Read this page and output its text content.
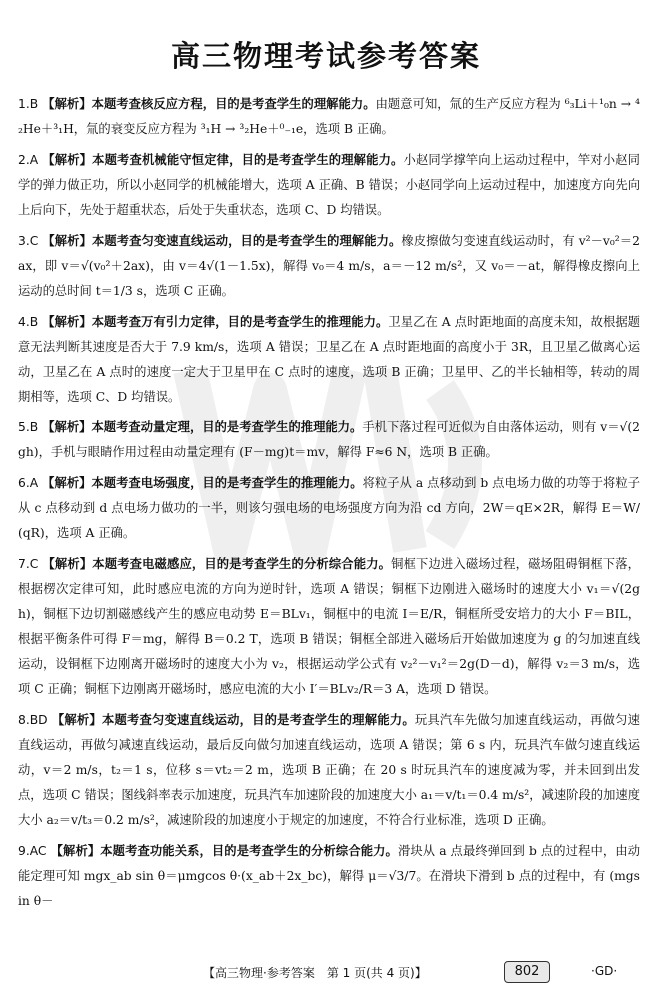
高三物理考试参考答案
1.B 【解析】本题考查核反应方程，目的是考查学生的理解能力。由题意可知，氚的生产反应方程为 ⁶₃Li＋¹₀n → ⁴₂He＋³₁H，氚的衰变反应方程为 ³₁H → ³₂He＋⁰₋₁e，选项 B 正确。
2.A 【解析】本题考查机械能守恒定律，目的是考查学生的理解能力。小赵同学撑竿向上运动过程中，竿对小赵同学的弹力做正功，所以小赵同学的机械能增大，选项 A 正确、B 错误；小赵同学向上运动过程中，加速度方向先向上后向下，先处于超重状态，后处于失重状态，选项 C、D 均错误。
3.C 【解析】本题考查匀变速直线运动，目的是考查学生的理解能力。橡皮擦做匀变速直线运动时，有 v²－v₀²＝2ax，即 v＝√(v₀²＋2ax)，由 v＝4√(1－1.5x)，解得 v₀＝4 m/s，a＝－12 m/s²，又 v₀＝－at，解得橡皮擦向上运动的总时间 t＝1/3 s，选项 C 正确。
4.B 【解析】本题考查万有引力定律，目的是考查学生的推理能力。卫星乙在 A 点时距地面的高度未知，故根据题意无法判断其速度是否大于 7.9 km/s，选项 A 错误；卫星乙在 A 点时距地面的高度小于 3R，且卫星乙做离心运动，卫星乙在 A 点时的速度一定大于卫星甲在 C 点时的速度，选项 B 正确；卫星甲、乙的半长轴相等，转动的周期相等，选项 C、D 均错误。
5.B 【解析】本题考查动量定理，目的是考查学生的推理能力。手机下落过程可近似为自由落体运动，则有 v＝√(2gh)，手机与眼睛作用过程由动量定理有 (F－mg)t＝mv，解得 F≈6 N，选项 B 正确。
6.A 【解析】本题考查电场强度，目的是考查学生的推理能力。将粒子从 a 点移动到 b 点电场力做的功等于将粒子从 c 点移动到 d 点电场力做功的一半，则该匀强电场的电场强度方向为沿 cd 方向，2W＝qE×2R，解得 E＝W/(qR)，选项 A 正确。
7.C 【解析】本题考查电磁感应，目的是考查学生的分析综合能力。铜框下边进入磁场过程，磁场阻碍铜框下落，根据楞次定律可知，此时感应电流的方向为逆时针，选项 A 错误；铜框下边刚进入磁场时的速度大小 v₁＝√(2gh)，铜框下边切割磁感线产生的感应电动势 E＝BLv₁，铜框中的电流 I＝E/R，铜框所受安培力的大小 F＝BIL，根据平衡条件可得 F＝mg，解得 B＝0.2 T，选项 B 错误；铜框全部进入磁场后开始做加速度为 g 的匀加速直线运动，设铜框下边刚离开磁场时的速度大小为 v₂，根据运动学公式有 v₂²－v₁²＝2g(D－d)，解得 v₂＝3 m/s，选项 C 正确；铜框下边刚离开磁场时，感应电流的大小 I′＝BLv₂/R＝3 A，选项 D 错误。
8.BD 【解析】本题考查匀变速直线运动，目的是考查学生的理解能力。玩具汽车先做匀加速直线运动，再做匀速直线运动，再做匀减速直线运动，最后反向做匀加速直线运动，选项 A 错误；第 6 s 内，玩具汽车做匀速直线运动，v＝2 m/s，t₂＝1 s，位移 s＝vt₂＝2 m，选项 B 正确；在 20 s 时玩具汽车的速度减为零，并未回到出发点，选项 C 错误；图线斜率表示加速度，玩具汽车加速阶段的加速度大小 a₁＝v/t₁＝0.4 m/s²，减速阶段的加速度大小 a₂＝v/t₃＝0.2 m/s²，减速阶段的加速度小于规定的加速度，不符合行业标准，选项 D 正确。
9.AC 【解析】本题考查功能关系，目的是考查学生的分析综合能力。滑块从 a 点最终弹回到 b 点的过程中，由动能定理可知 mgx_ab sin θ＝μmgcos θ·(x_ab＋2x_bc)，解得 μ＝√3/7。在滑块下滑到 b 点的过程中，有 (mgsin θ－
【高三物理·参考答案　第 1 页(共 4 页)】	802	·GD·
